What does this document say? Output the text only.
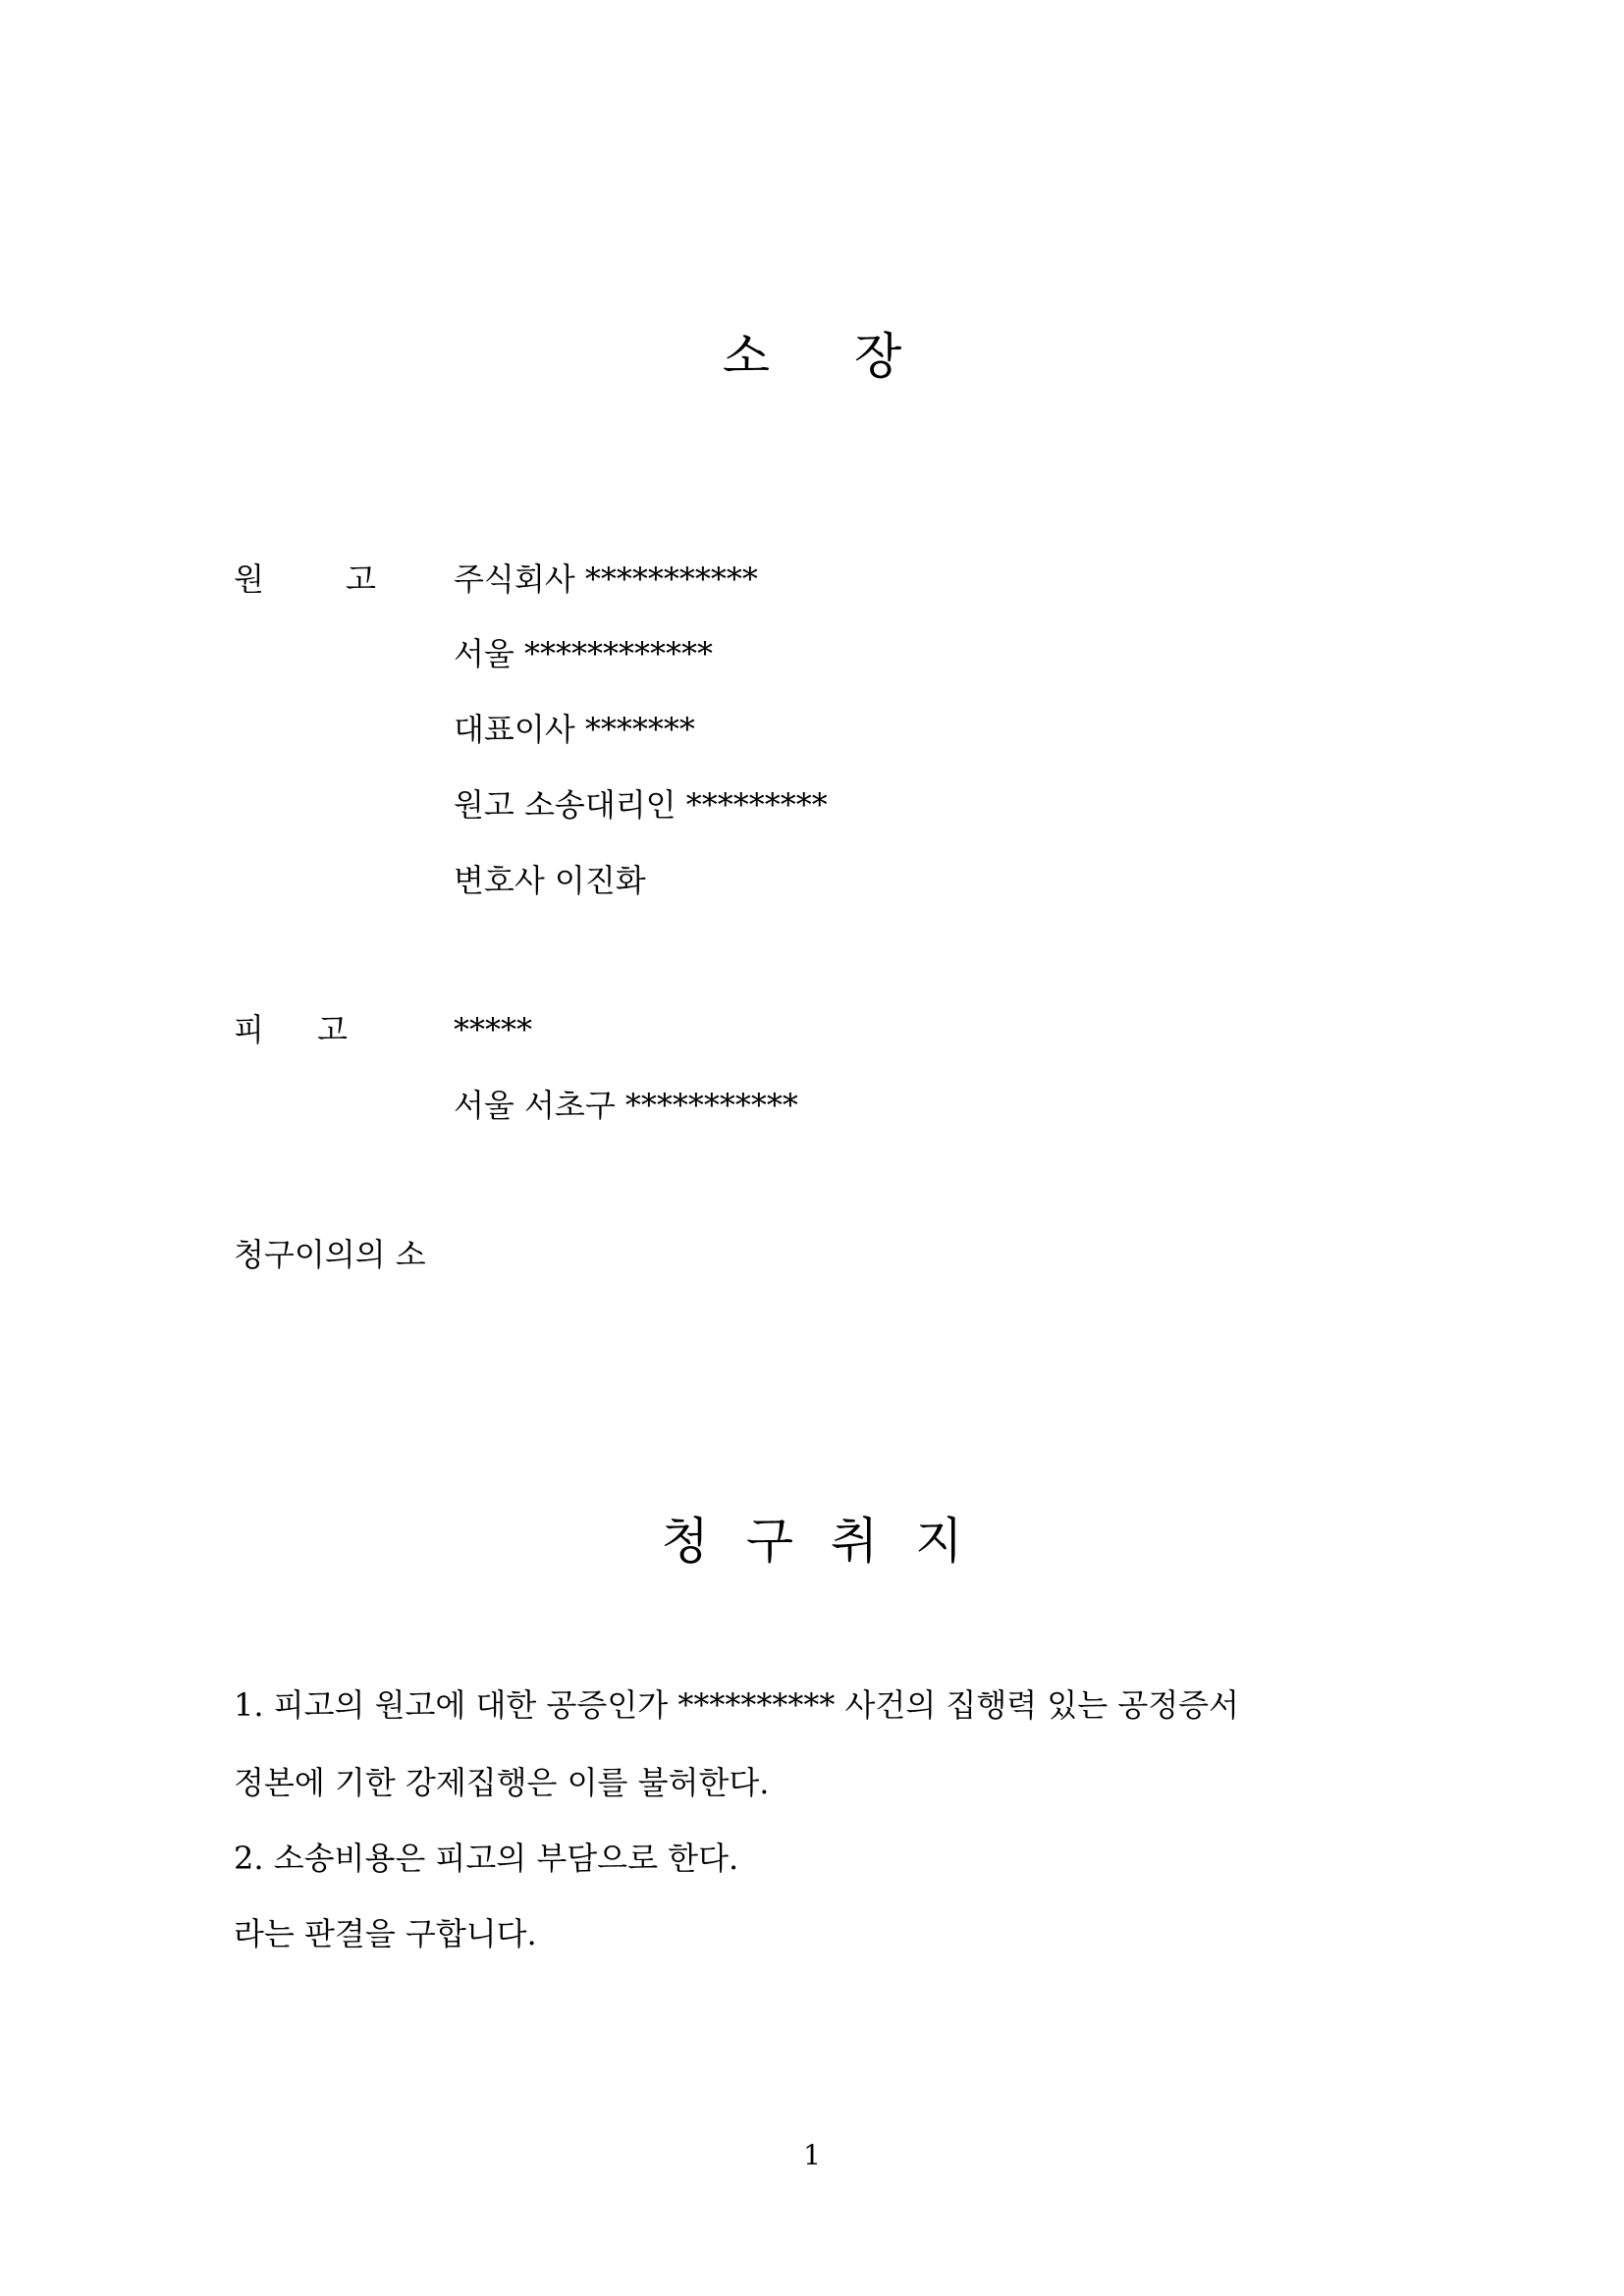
소 장
원	고 주식회사 ***********
서울 ************
대표이사 *******
원고 소송대리인 *********
변호사 이진화
피 고	*****
서울 서초구 ***********
청구이의의 소
청 구 취 지
1. 피고의 원고에 대한 공증인가 ********** 사건의 집행력 있는 공정증서
정본에 기한 강제집행은 이를 불허한다.
2. 소송비용은 피고의 부담으로 한다.
라는 판결을 구합니다.
1
